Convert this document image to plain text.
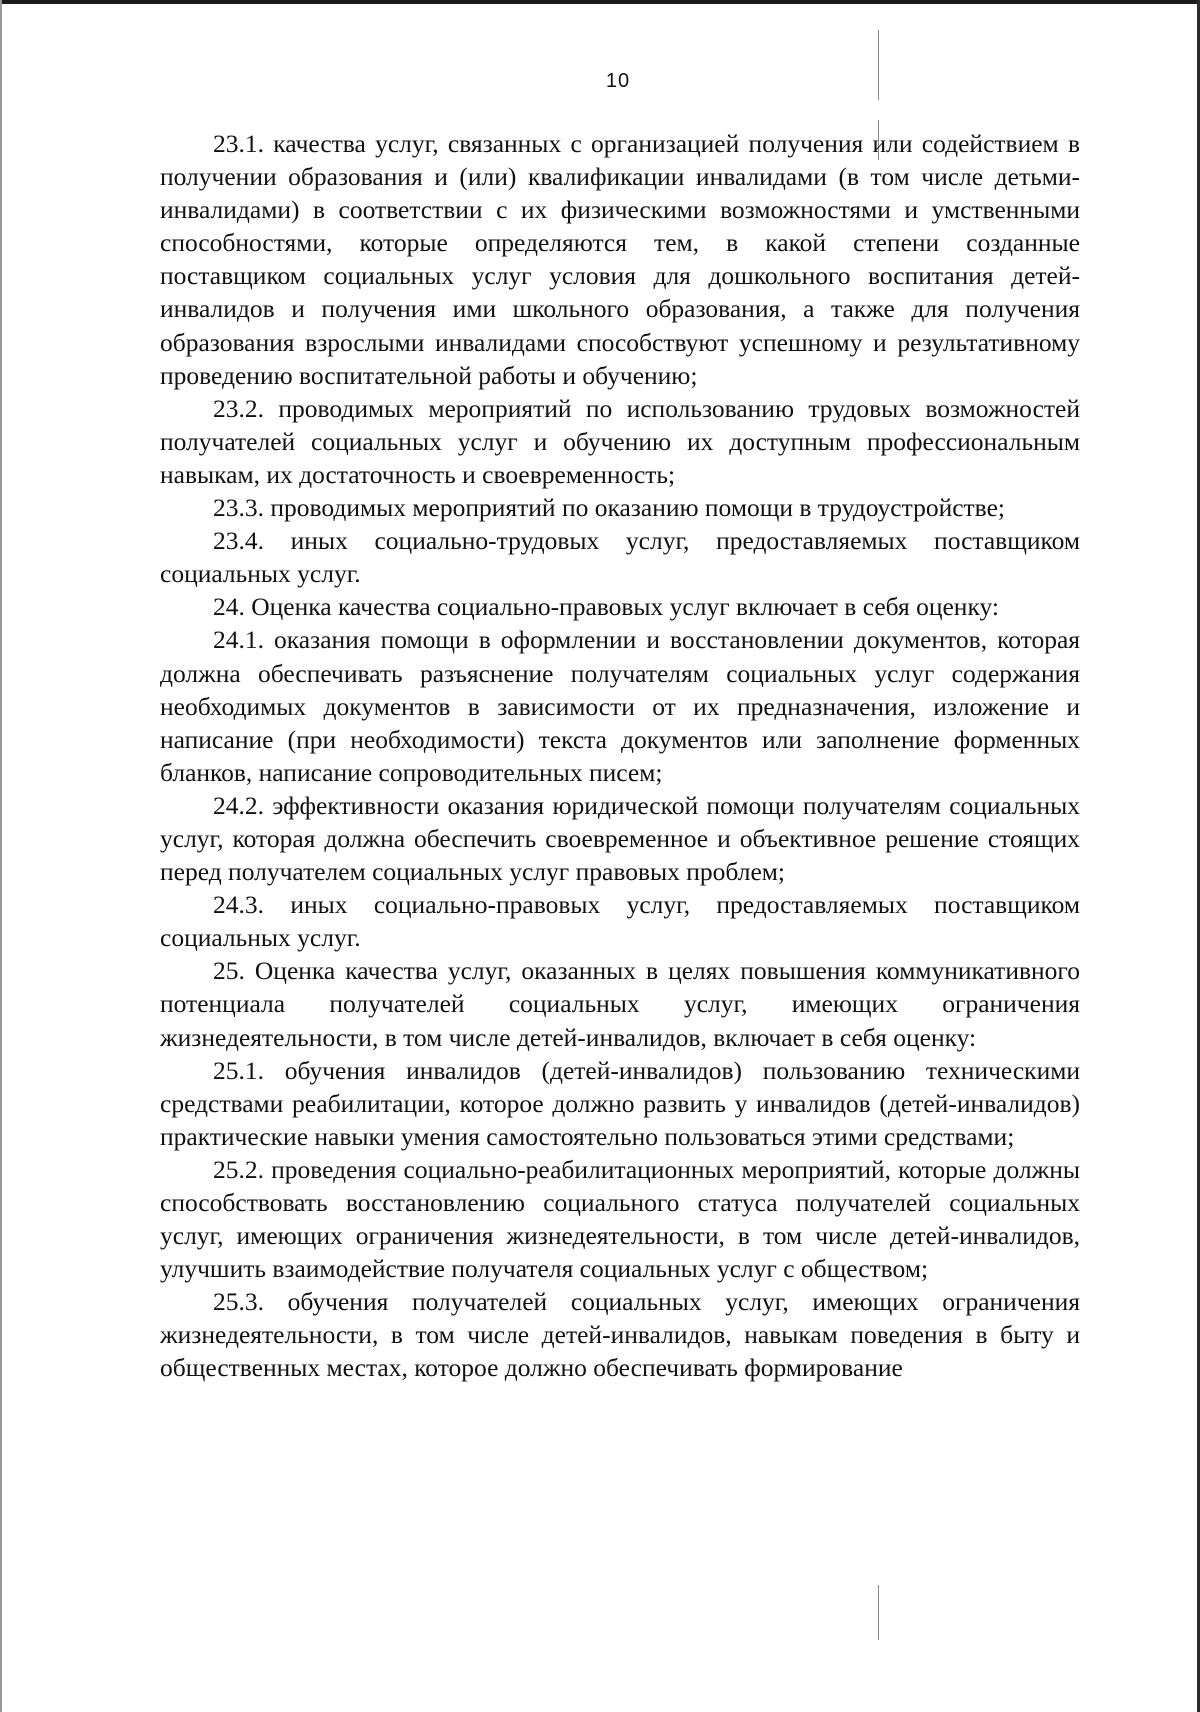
10

23.1. качества услуг, связанных с организацией получения или содействием в получении образования и (или) квалификации инвалидами (в том числе детьми-инвалидами) в соответствии с их физическими возможностями и умственными способностями, которые определяются тем, в какой степени созданные поставщиком социальных услуг условия для дошкольного воспитания детей-инвалидов и получения ими школьного образования, а также для получения образования взрослыми инвалидами способствуют успешному и результативному проведению воспитательной работы и обучению;

23.2. проводимых мероприятий по использованию трудовых возможностей получателей социальных услуг и обучению их доступным профессиональным навыкам, их достаточность и своевременность;

23.3. проводимых мероприятий по оказанию помощи в трудоустройстве;

23.4. иных социально-трудовых услуг, предоставляемых поставщиком социальных услуг.

24. Оценка качества социально-правовых услуг включает в себя оценку:

24.1. оказания помощи в оформлении и восстановлении документов, которая должна обеспечивать разъяснение получателям социальных услуг содержания необходимых документов в зависимости от их предназначения, изложение и написание (при необходимости) текста документов или заполнение форменных бланков, написание сопроводительных писем;

24.2. эффективности оказания юридической помощи получателям социальных услуг, которая должна обеспечить своевременное и объективное решение стоящих перед получателем социальных услуг правовых проблем;

24.3. иных социально-правовых услуг, предоставляемых поставщиком социальных услуг.

25. Оценка качества услуг, оказанных в целях повышения коммуникативного потенциала получателей социальных услуг, имеющих ограничения жизнедеятельности, в том числе детей-инвалидов, включает в себя оценку:

25.1. обучения инвалидов (детей-инвалидов) пользованию техническими средствами реабилитации, которое должно развить у инвалидов (детей-инвалидов) практические навыки умения самостоятельно пользоваться этими средствами;

25.2. проведения социально-реабилитационных мероприятий, которые должны способствовать восстановлению социального статуса получателей социальных услуг, имеющих ограничения жизнедеятельности, в том числе детей-инвалидов, улучшить взаимодействие получателя социальных услуг с обществом;

25.3. обучения получателей социальных услуг, имеющих ограничения жизнедеятельности, в том числе детей-инвалидов, навыкам поведения в быту и общественных местах, которое должно обеспечивать формирование
